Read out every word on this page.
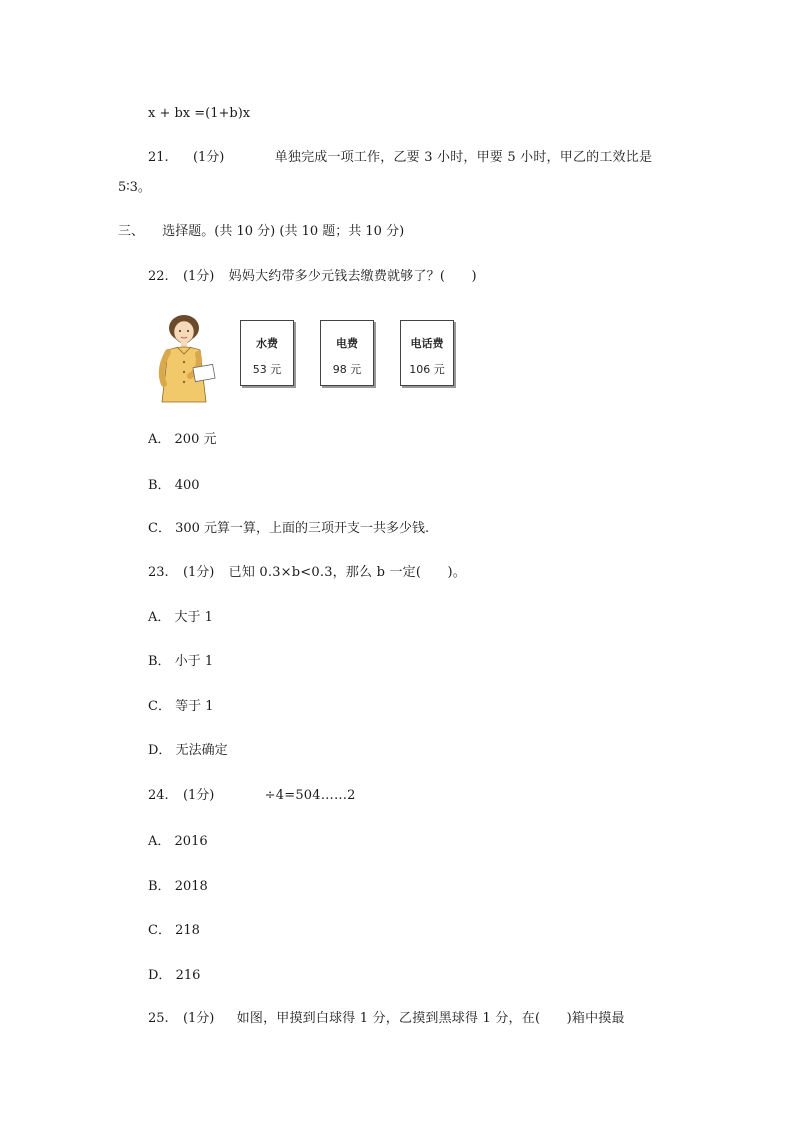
x + bx =(1+b)x
21. (1分)	单独完成一项工作，乙要 3 小时，甲要 5 小时，甲乙的工效比是
5∶3。
三、 选择题。(共 10 分) (共 10 题；共 10 分)
22. (1分) 妈妈大约带多少元钱去缴费就够了？(　　)
水费
53 元
电费
98 元
电话费
106 元
A． 200 元
B． 400
C． 300 元算一算，上面的三项开支一共多少钱.
23. (1分) 已知 0.3×b<0.3，那么 b 一定(　　)。
A． 大于 1
B． 小于 1
C． 等于 1
D． 无法确定
24. (1分)	÷4=504……2
A． 2016
B． 2018
C． 218
D． 216
25. (1分) 如图，甲摸到白球得 1 分，乙摸到黑球得 1 分，在(　　)箱中摸最
